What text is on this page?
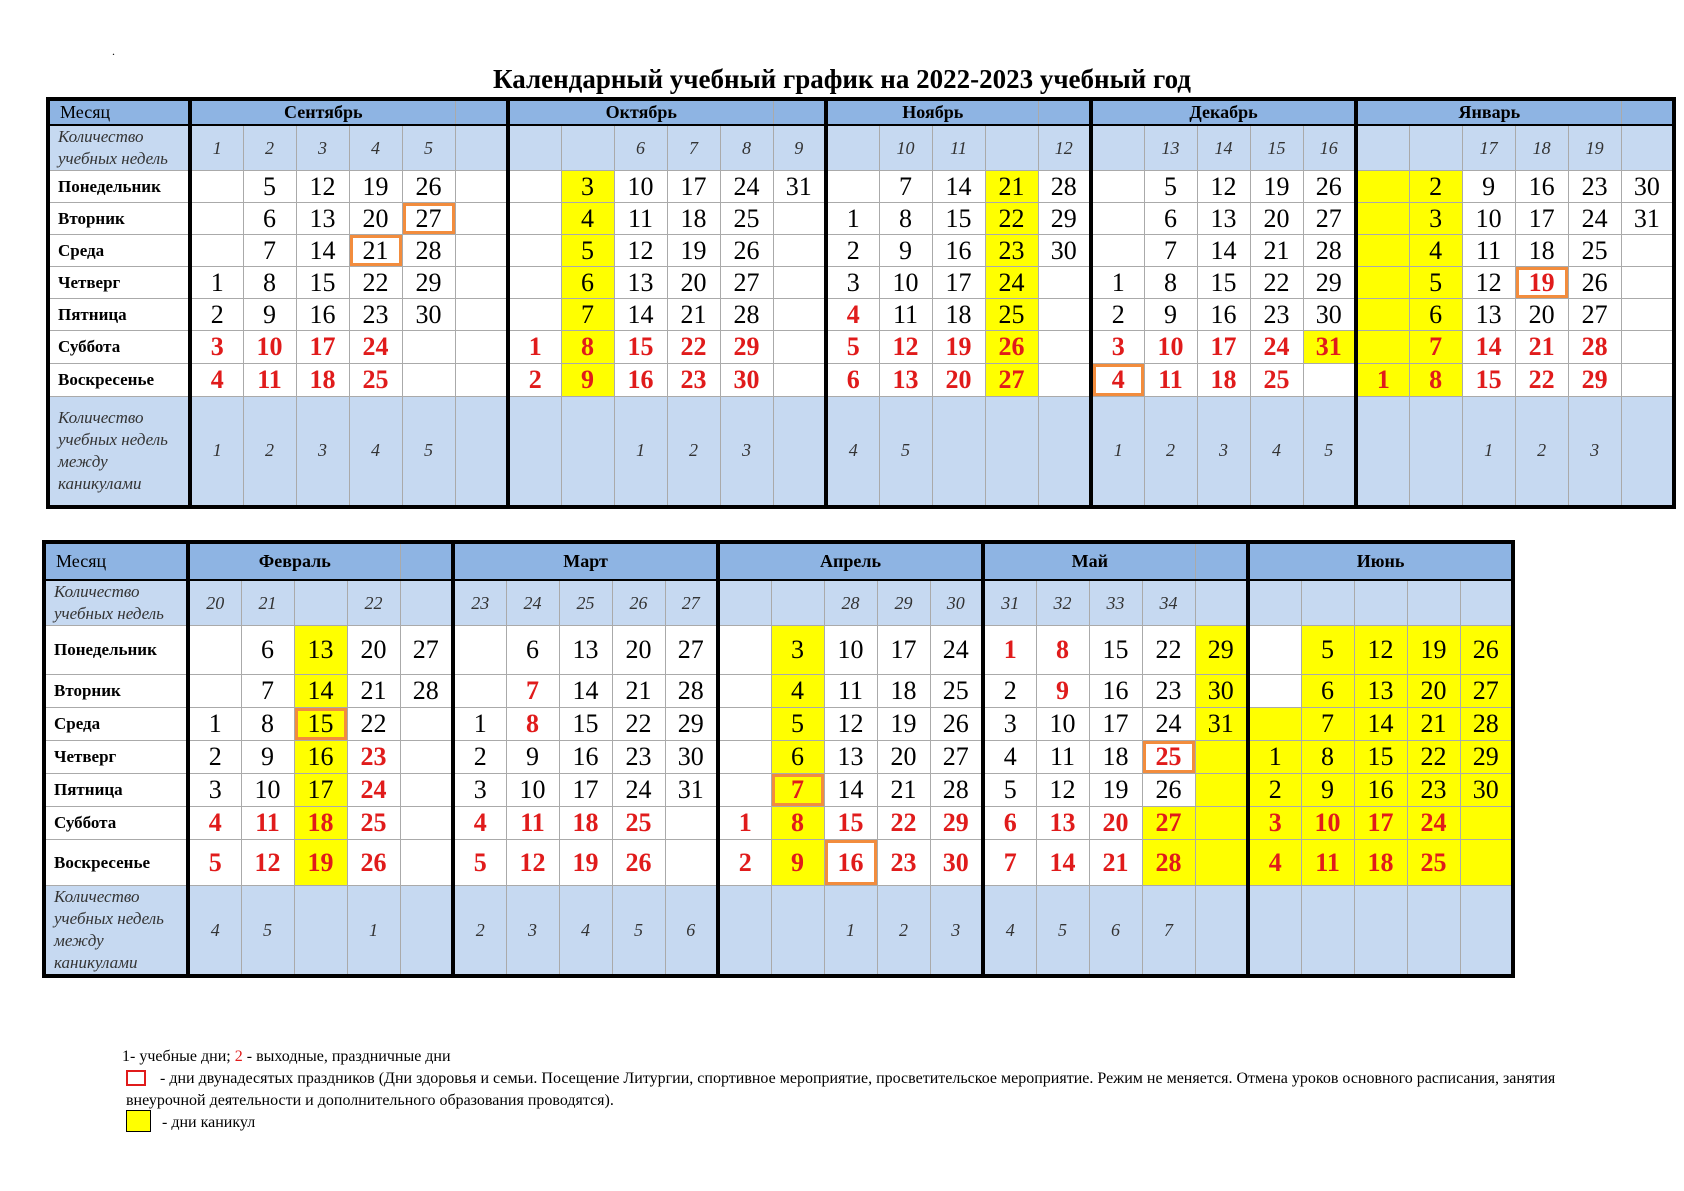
.
Календарный учебный график на 2022-2023 учебный год
Месяц	Сентябрь						Октябрь						Ноябрь					Декабрь					Январь					
Количество учебных недель	1	2	3	4	5				6	7	8	9		10	11		12		13	14	15	16			17	18	19	
Понедельник		5	12	19	26			3	10	17	24	31		7	14	21	28		5	12	19	26		2	9	16	23	30
Вторник		6	13	20	27			4	11	18	25		1	8	15	22	29		6	13	20	27		3	10	17	24	31
Среда		7	14	21	28			5	12	19	26		2	9	16	23	30		7	14	21	28		4	11	18	25	
Четверг	1	8	15	22	29			6	13	20	27		3	10	17	24		1	8	15	22	29		5	12	19	26	
Пятница	2	9	16	23	30			7	14	21	28		4	11	18	25		2	9	16	23	30		6	13	20	27	
Суббота	3	10	17	24			1	8	15	22	29		5	12	19	26		3	10	17	24	31		7	14	21	28	
Воскресенье	4	11	18	25			2	9	16	23	30		6	13	20	27		4	11	18	25		1	8	15	22	29	
Количество учебных недель между каникулами	1	2	3	4	5				1	2	3		4	5				1	2	3	4	5			1	2	3	
Месяц	Февраль					Март					Апрель					Май					Июнь				
Количество учебных недель	20	21		22		23	24	25	26	27			28	29	30	31	32	33	34						
Понедельник		6	13	20	27		6	13	20	27		3	10	17	24	1	8	15	22	29		5	12	19	26
Вторник		7	14	21	28		7	14	21	28		4	11	18	25	2	9	16	23	30		6	13	20	27
Среда	1	8	15	22		1	8	15	22	29		5	12	19	26	3	10	17	24	31		7	14	21	28
Четверг	2	9	16	23		2	9	16	23	30		6	13	20	27	4	11	18	25		1	8	15	22	29
Пятница	3	10	17	24		3	10	17	24	31		7	14	21	28	5	12	19	26		2	9	16	23	30
Суббота	4	11	18	25		4	11	18	25		1	8	15	22	29	6	13	20	27		3	10	17	24	
Воскресенье	5	12	19	26		5	12	19	26		2	9	16	23	30	7	14	21	28		4	11	18	25	
Количество учебных недель между каникулами	4	5		1		2	3	4	5	6			1	2	3	4	5	6	7						
1- учебные дни; 2 - выходные, праздничные дни
- дни двунадесятых праздников (Дни здоровья и семьи. Посещение Литургии, спортивное мероприятие, просветительское мероприятие. Режим не меняется. Отмена уроков основного расписания, занятия внеурочной деятельности и дополнительного образования проводятся).
- дни каникул
